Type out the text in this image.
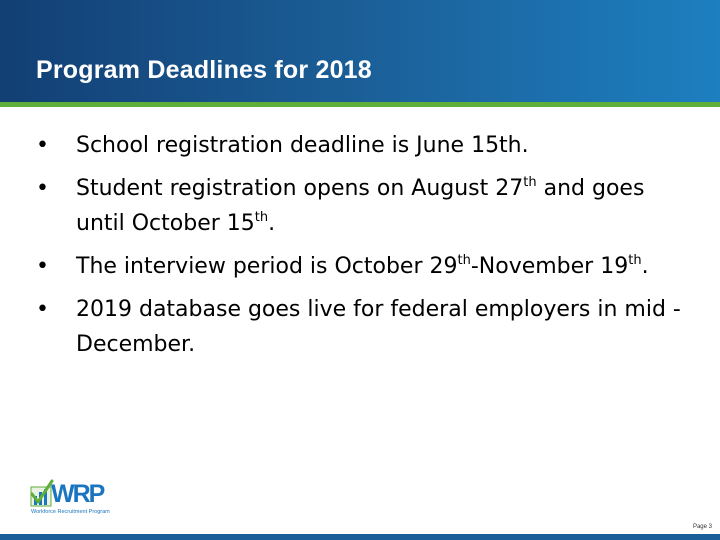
Program Deadlines for 2018
•	School registration deadline is June 15th.
•	Student registration opens on August 27th and goes until October 15th.
•	The interview period is October 29th-November 19th.
•	2019 database goes live for federal employers in mid -December.
WRP
Workforce Recruitment Program
Page 3
